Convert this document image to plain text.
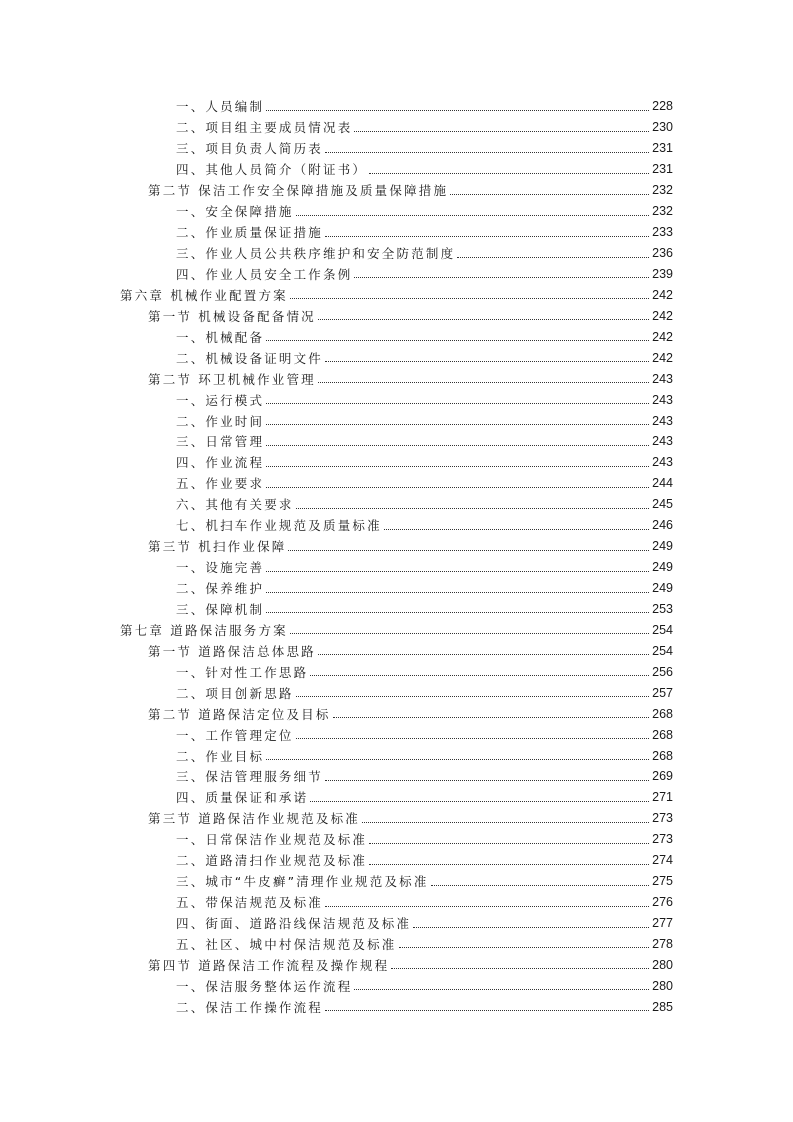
一、人员编制	228
二、项目组主要成员情况表	230
三、项目负责人简历表	231
四、其他人员简介（附证书）	231
第二节 保洁工作安全保障措施及质量保障措施	232
一、安全保障措施	232
二、作业质量保证措施	233
三、作业人员公共秩序维护和安全防范制度	236
四、作业人员安全工作条例	239
第六章 机械作业配置方案	242
第一节 机械设备配备情况	242
一、机械配备	242
二、机械设备证明文件	242
第二节 环卫机械作业管理	243
一、运行模式	243
二、作业时间	243
三、日常管理	243
四、作业流程	243
五、作业要求	244
六、其他有关要求	245
七、机扫车作业规范及质量标准	246
第三节 机扫作业保障	249
一、设施完善	249
二、保养维护	249
三、保障机制	253
第七章 道路保洁服务方案	254
第一节 道路保洁总体思路	254
一、针对性工作思路	256
二、项目创新思路	257
第二节 道路保洁定位及目标	268
一、工作管理定位	268
二、作业目标	268
三、保洁管理服务细节	269
四、质量保证和承诺	271
第三节 道路保洁作业规范及标准	273
一、日常保洁作业规范及标准	273
二、道路清扫作业规范及标准	274
三、城市“牛皮癣”清理作业规范及标准	275
五、带保洁规范及标准	276
四、街面、道路沿线保洁规范及标准	277
五、社区、城中村保洁规范及标准	278
第四节 道路保洁工作流程及操作规程	280
一、保洁服务整体运作流程	280
二、保洁工作操作流程	285
